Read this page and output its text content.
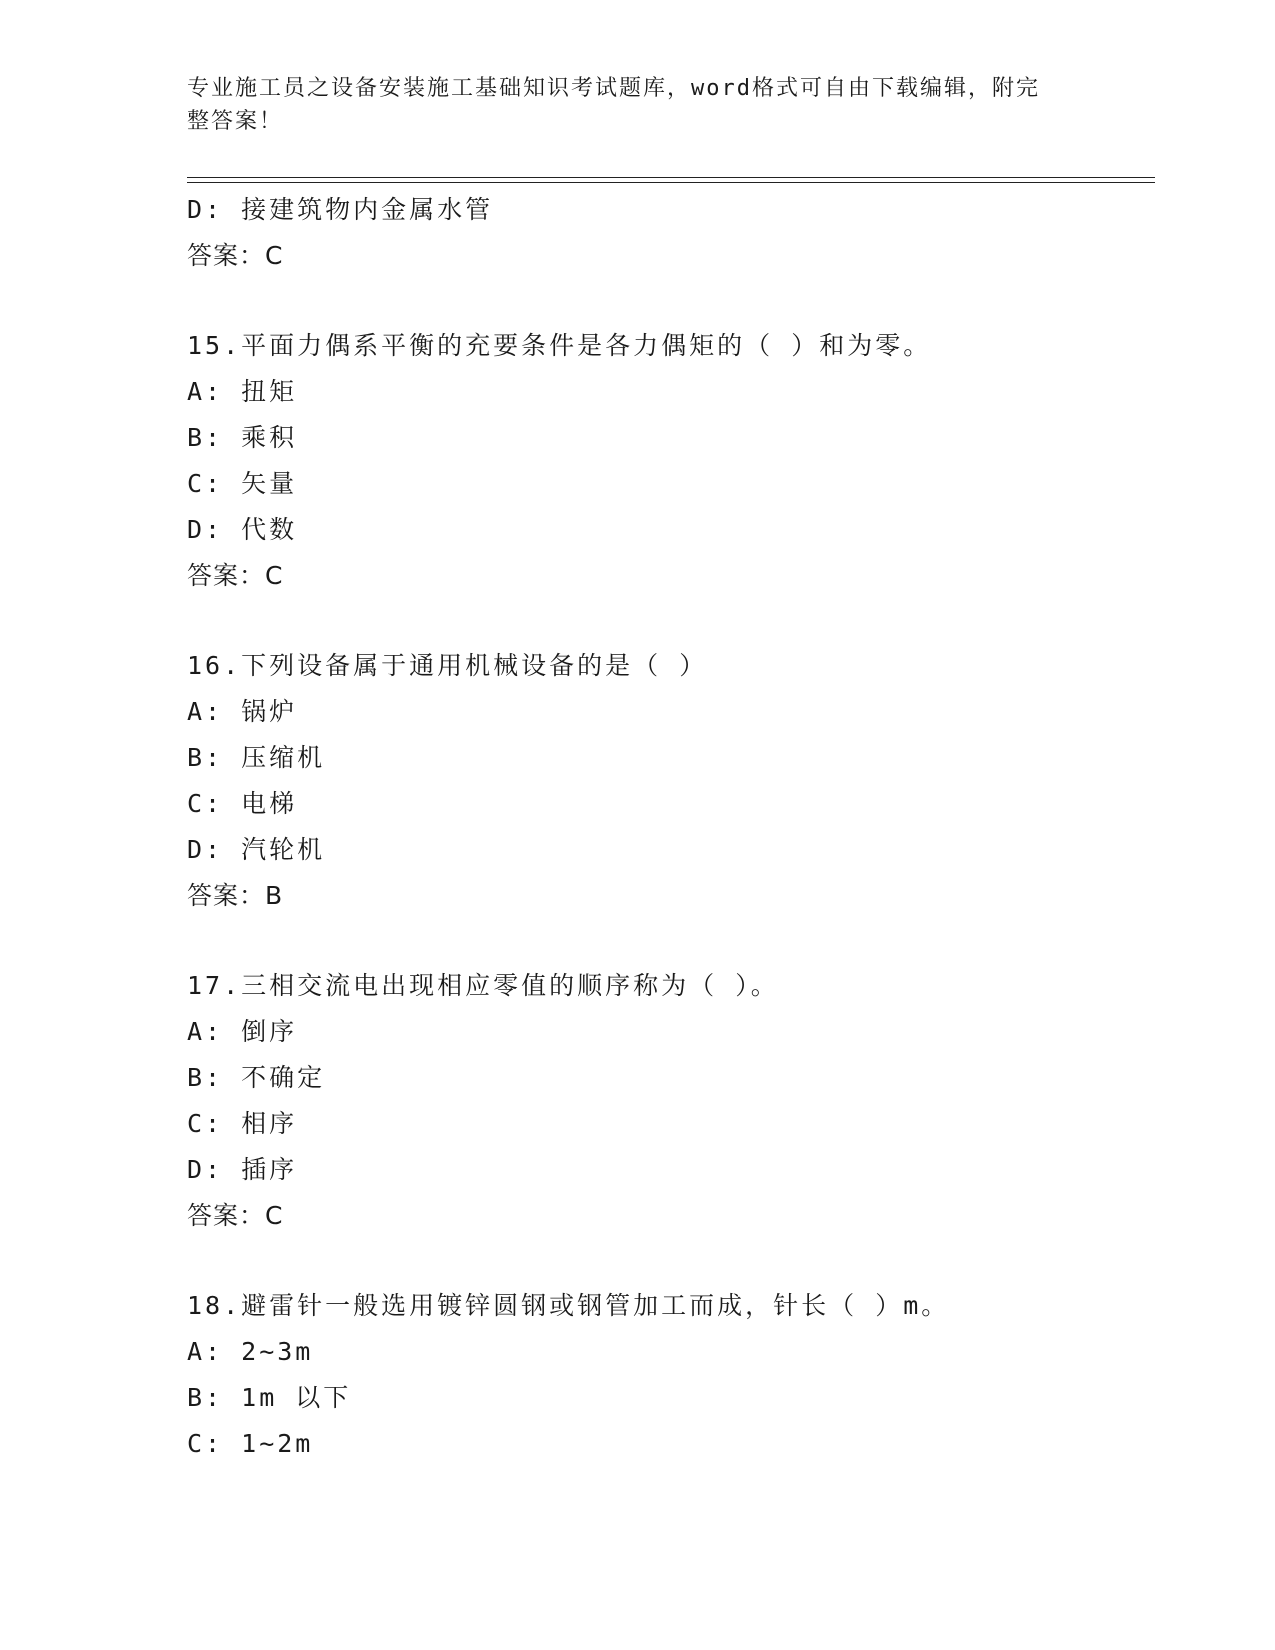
专业施工员之设备安装施工基础知识考试题库，word格式可自由下载编辑，附完
整答案！
D: 接建筑物内金属水管
答案：C
15.平面力偶系平衡的充要条件是各力偶矩的（ ）和为零。
A: 扭矩
B: 乘积
C: 矢量
D: 代数
答案：C
16.下列设备属于通用机械设备的是（ ）
A: 锅炉
B: 压缩机
C: 电梯
D: 汽轮机
答案：B
17.三相交流电出现相应零值的顺序称为（ ）。
A: 倒序
B: 不确定
C: 相序
D: 插序
答案：C
18.避雷针一般选用镀锌圆钢或钢管加工而成，针长（ ）m。
A: 2~3m
B: 1m 以下
C: 1~2m
